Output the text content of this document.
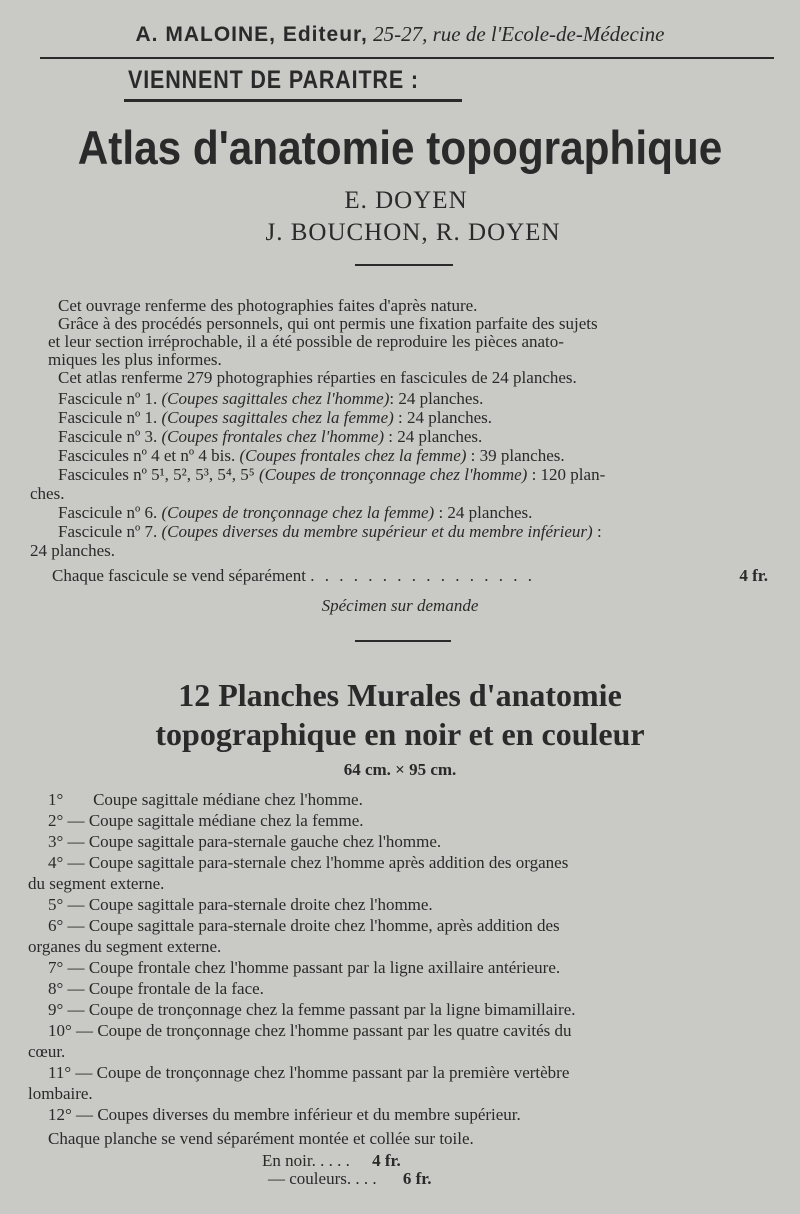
A. MALOINE, Editeur, 25-27, rue de l'Ecole-de-Médecine
VIENNENT DE PARAITRE :
Atlas d'anatomie topographique
E. DOYEN
J. BOUCHON, R. DOYEN
Cet ouvrage renferme des photographies faites d'après nature.
Grâce à des procédés personnels, qui ont permis une fixation parfaite des sujets
et leur section irréprochable, il a été possible de reproduire les pièces anato-
miques les plus informes.
Cet atlas renferme 279 photographies réparties en fascicules de 24 planches.
Fascicule nº 1. (Coupes sagittales chez l'homme): 24 planches.
Fascicule nº 1. (Coupes sagittales chez la femme) : 24 planches.
Fascicule nº 3. (Coupes frontales chez l'homme) : 24 planches.
Fascicules nº 4 et nº 4 bis. (Coupes frontales chez la femme) : 39 planches.
Fascicules nº 5¹, 5², 5³, 5⁴, 5⁵ (Coupes de tronçonnage chez l'homme) : 120 plan-
ches.
Fascicule nº 6. (Coupes de tronçonnage chez la femme) : 24 planches.
Fascicule nº 7. (Coupes diverses du membre supérieur et du membre inférieur) :
24 planches.
Chaque fascicule se vend séparément . . . . . . . . . . . . . . . .	4 fr.
Spécimen sur demande
12 Planches Murales d'anatomie
topographique en noir et en couleur
64 cm. × 95 cm.
1° Coupe sagittale médiane chez l'homme.
2° — Coupe sagittale médiane chez la femme.
3° — Coupe sagittale para-sternale gauche chez l'homme.
4° — Coupe sagittale para-sternale chez l'homme après addition des organes
du segment externe.
5° — Coupe sagittale para-sternale droite chez l'homme.
6° — Coupe sagittale para-sternale droite chez l'homme, après addition des
organes du segment externe.
7° — Coupe frontale chez l'homme passant par la ligne axillaire antérieure.
8° — Coupe frontale de la face.
9° — Coupe de tronçonnage chez la femme passant par la ligne bimamillaire.
10° — Coupe de tronçonnage chez l'homme passant par les quatre cavités du
cœur.
11° — Coupe de tronçonnage chez l'homme passant par la première vertèbre
lombaire.
12° — Coupes diverses du membre inférieur et du membre supérieur.
Chaque planche se vend séparément montée et collée sur toile.
En noir. . . . . 4 fr.
— couleurs. . . . 6 fr.
